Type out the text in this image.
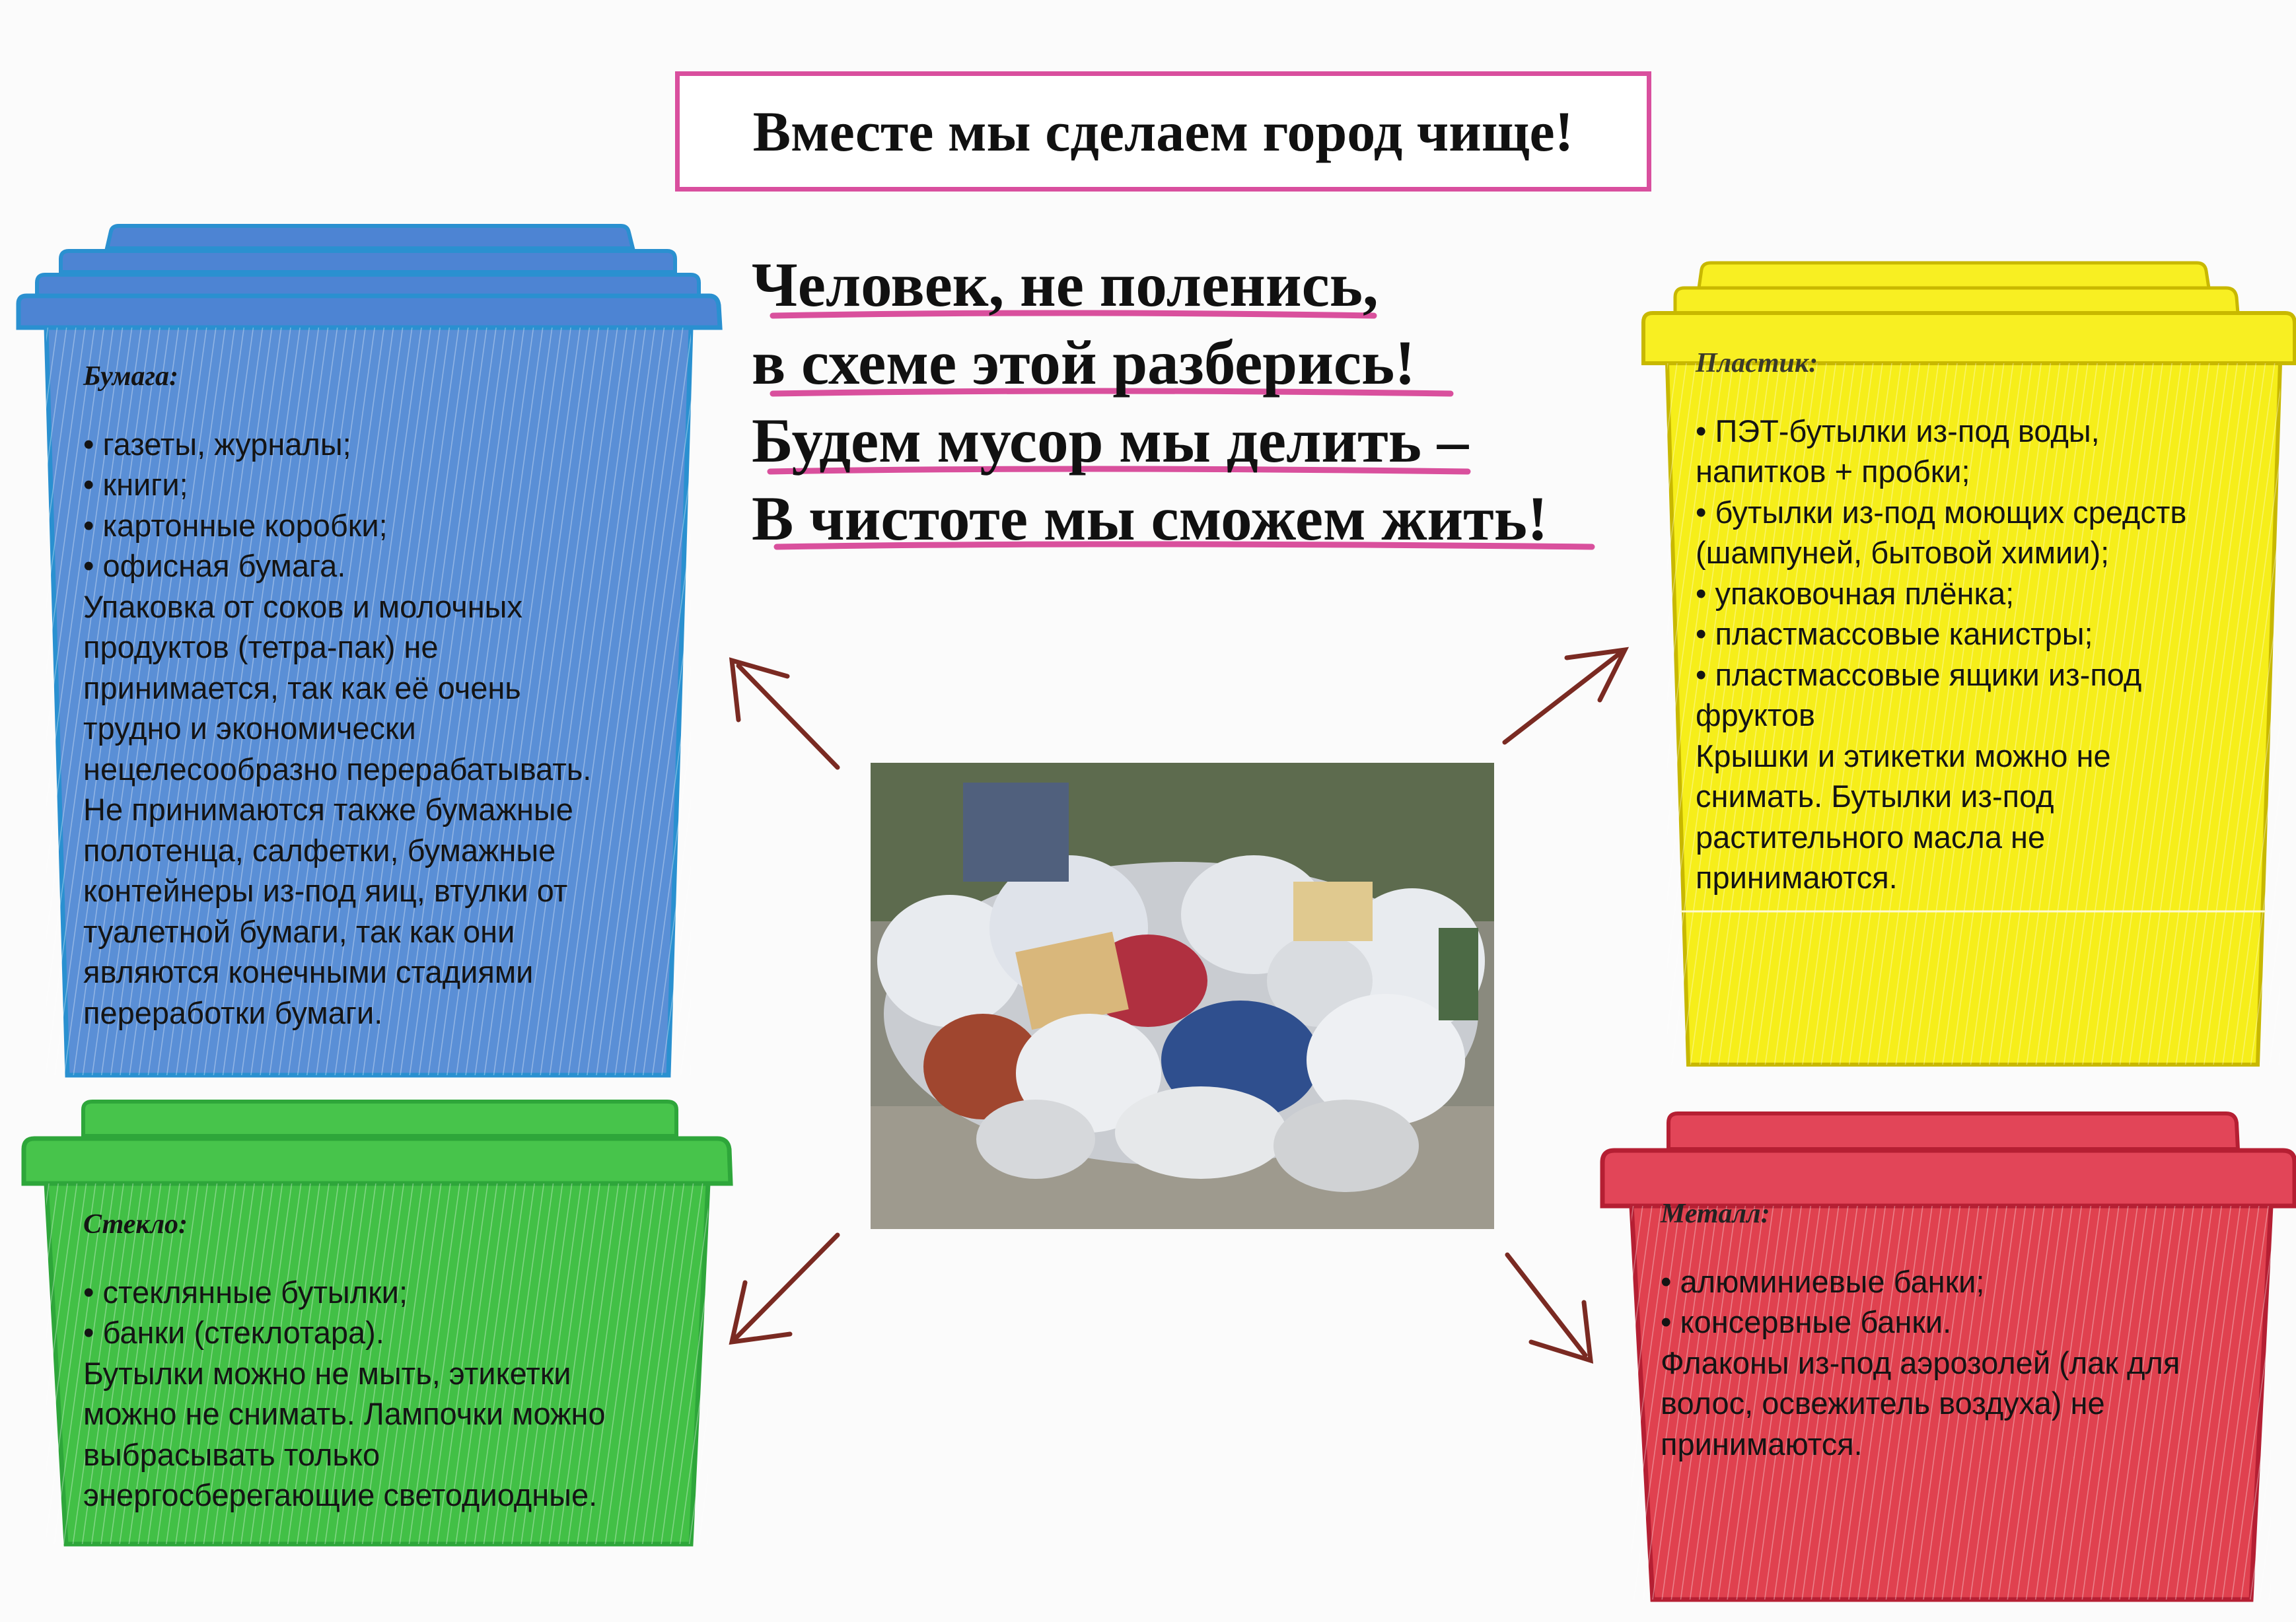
Вместе мы сделаем город чище!
Человек, не поленись,
в схеме этой разберись!
Будем мусор мы делить –
В чистоте мы сможем жить!
Бумага:
• газеты, журналы;
• книги;
• картонные коробки;
• офисная бумага.
Упаковка от соков и молочных
продуктов (тетра-пак) не
принимается, так как её очень
трудно и экономически
нецелесообразно перерабатывать.
Не принимаются также бумажные
полотенца, салфетки, бумажные
контейнеры из-под яиц, втулки от
туалетной бумаги, так как они
являются конечными стадиями
переработки бумаги.
Пластик:
• ПЭТ-бутылки из-под воды,
напитков + пробки;
• бутылки из-под моющих средств
(шампуней, бытовой химии);
• упаковочная плёнка;
• пластмассовые канистры;
• пластмассовые ящики из-под
фруктов
Крышки и этикетки можно не
снимать. Бутылки из-под
растительного масла не
принимаются.
Стекло:
• стеклянные бутылки;
• банки (стеклотара).
Бутылки можно не мыть, этикетки
можно не снимать. Лампочки можно
выбрасывать только
энергосберегающие светодиодные.
Металл:
• алюминиевые банки;
• консервные банки.
Флаконы из-под аэрозолей (лак для
волос, освежитель воздуха) не
принимаются.
